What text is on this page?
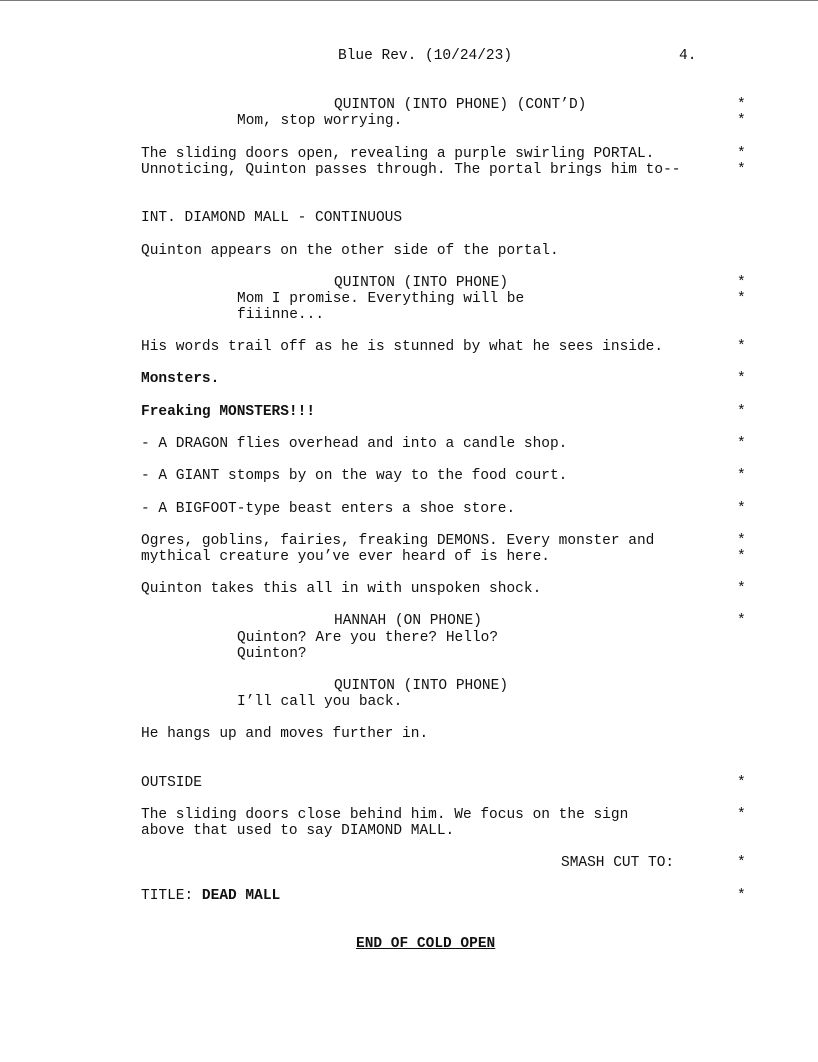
Blue Rev. (10/24/23)	4.
QUINTON (INTO PHONE) (CONT’D)
Mom, stop worrying.
The sliding doors open, revealing a purple swirling PORTAL.
Unnoticing, Quinton passes through. The portal brings him to--
INT. DIAMOND MALL - CONTINUOUS
Quinton appears on the other side of the portal.
QUINTON (INTO PHONE)
Mom I promise. Everything will be
fiiinne...
His words trail off as he is stunned by what he sees inside.
Monsters.
Freaking MONSTERS!!!
- A DRAGON flies overhead and into a candle shop.
- A GIANT stomps by on the way to the food court.
- A BIGFOOT-type beast enters a shoe store.
Ogres, goblins, fairies, freaking DEMONS. Every monster and
mythical creature you’ve ever heard of is here.
Quinton takes this all in with unspoken shock.
HANNAH (ON PHONE)
Quinton? Are you there? Hello?
Quinton?
QUINTON (INTO PHONE)
I’ll call you back.
He hangs up and moves further in.
OUTSIDE
The sliding doors close behind him. We focus on the sign
above that used to say DIAMOND MALL.
SMASH CUT TO:
TITLE: DEAD MALL
END OF COLD OPEN
*
*
*
*
*
*
*
*
*
*
*
*
*
*
*
*
*
*
*
*
